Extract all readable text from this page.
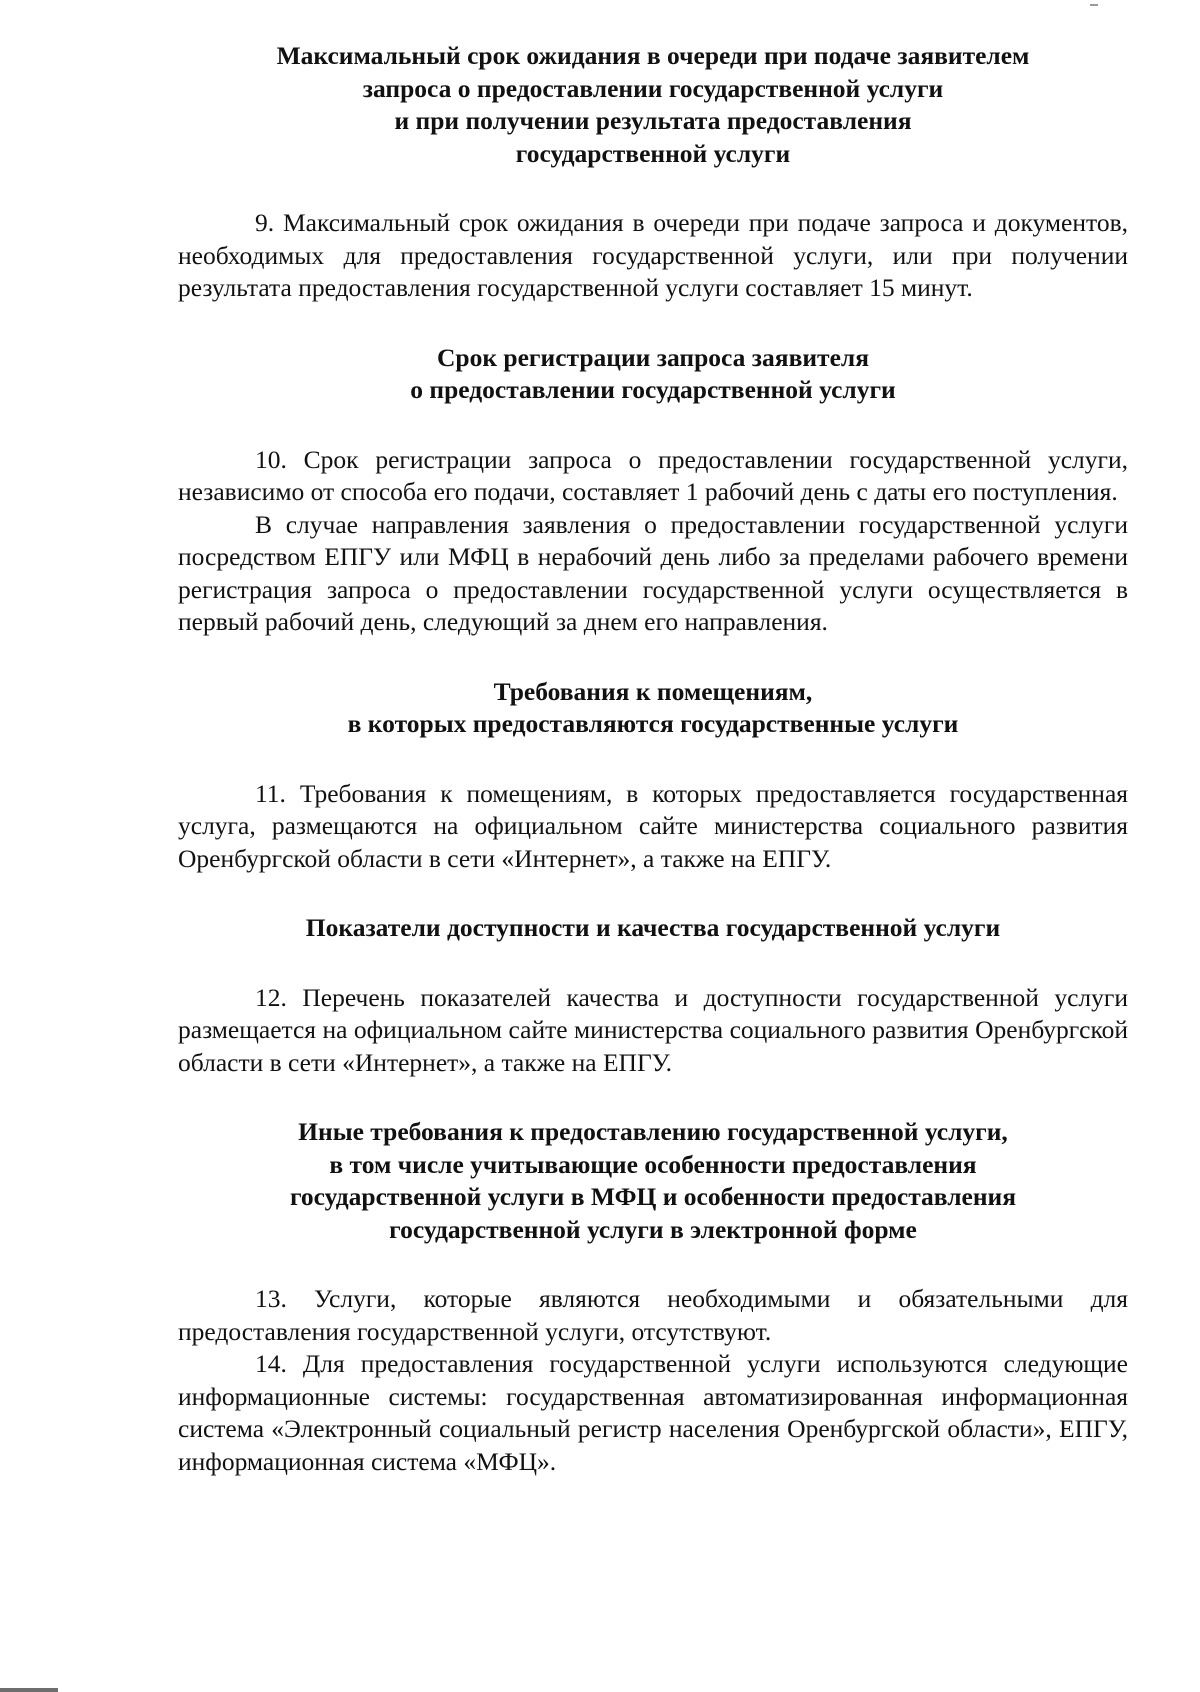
Максимальный срок ожидания в очереди при подаче заявителем
запроса о предоставлении государственной услуги
и при получении результата предоставления
государственной услуги

9. Максимальный срок ожидания в очереди при подаче запроса и документов, необходимых для предоставления государственной услуги, или при получении результата предоставления государственной услуги составляет 15 минут.

Срок регистрации запроса заявителя
о предоставлении государственной услуги

10. Срок регистрации запроса о предоставлении государственной услуги, независимо от способа его подачи, составляет 1 рабочий день с даты его поступления.

В случае направления заявления о предоставлении государственной услуги посредством ЕПГУ или МФЦ в нерабочий день либо за пределами рабочего времени регистрация запроса о предоставлении государственной услуги осуществляется в первый рабочий день, следующий за днем его направления.

Требования к помещениям,
в которых предоставляются государственные услуги

11. Требования к помещениям, в которых предоставляется государственная услуга, размещаются на официальном сайте министерства социального развития Оренбургской области в сети «Интернет», а также на ЕПГУ.

Показатели доступности и качества государственной услуги

12. Перечень показателей качества и доступности государственной услуги размещается на официальном сайте министерства социального развития Оренбургской области в сети «Интернет», а также на ЕПГУ.

Иные требования к предоставлению государственной услуги,
в том числе учитывающие особенности предоставления
государственной услуги в МФЦ и особенности предоставления
государственной услуги в электронной форме

13. Услуги, которые являются необходимыми и обязательными для предоставления государственной услуги, отсутствуют.

14. Для предоставления государственной услуги используются следующие информационные системы: государственная автоматизированная информационная система «Электронный социальный регистр населения Оренбургской области», ЕПГУ, информационная система «МФЦ».
